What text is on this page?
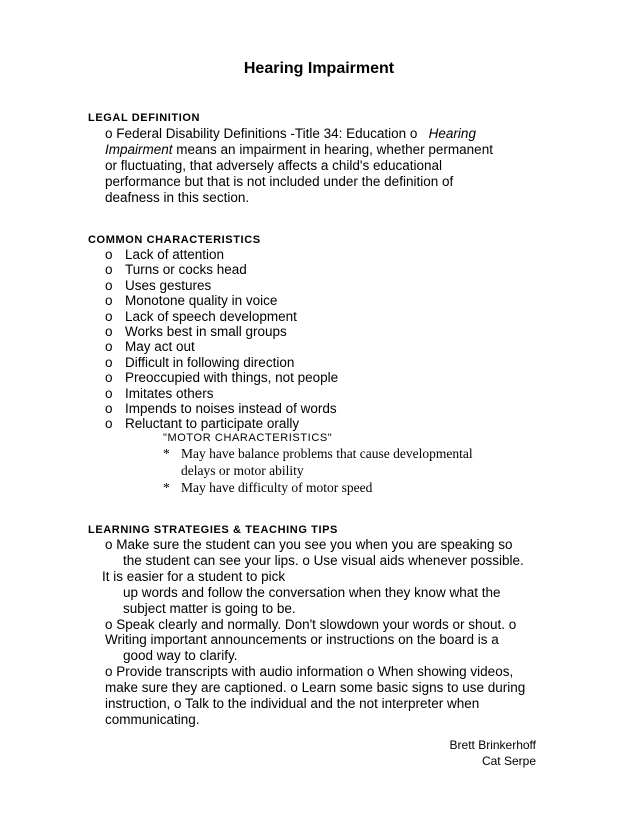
Hearing Impairment
LEGAL DEFINITION
o Federal Disability Definitions -Title 34: Education o Hearing
Impairment means an impairment in hearing, whether permanent
or fluctuating, that adversely affects a child's educational
performance but that is not included under the definition of
deafness in this section.
COMMON CHARACTERISTICS
o Lack of attention
o Turns or cocks head
o Uses gestures
o Monotone quality in voice
o Lack of speech development
o Works best in small groups
o May act out
o Difficult in following direction
o Preoccupied with things, not people
o Imitates others
o Impends to noises instead of words
o Reluctant to participate orally
"MOTOR CHARACTERISTICS"
* May have balance problems that cause developmental
delays or motor ability
* May have difficulty of motor speed
LEARNING STRATEGIES & TEACHING TIPS

o Make sure the student can you see you when you are speaking so

the student can see your lips. o Use visual aids whenever possible.

It is easier for a student to pick

up words and follow the conversation when they know what the

subject matter is going to be.

o Speak clearly and normally. Don't slowdown your words or shout. o

Writing important announcements or instructions on the board is a

good way to clarify.

o Provide transcripts with audio information o When showing videos,

make sure they are captioned. o Learn some basic signs to use during

instruction, o Talk to the individual and the not interpreter when

communicating.

Brett Brinkerhoff
Cat Serpe
